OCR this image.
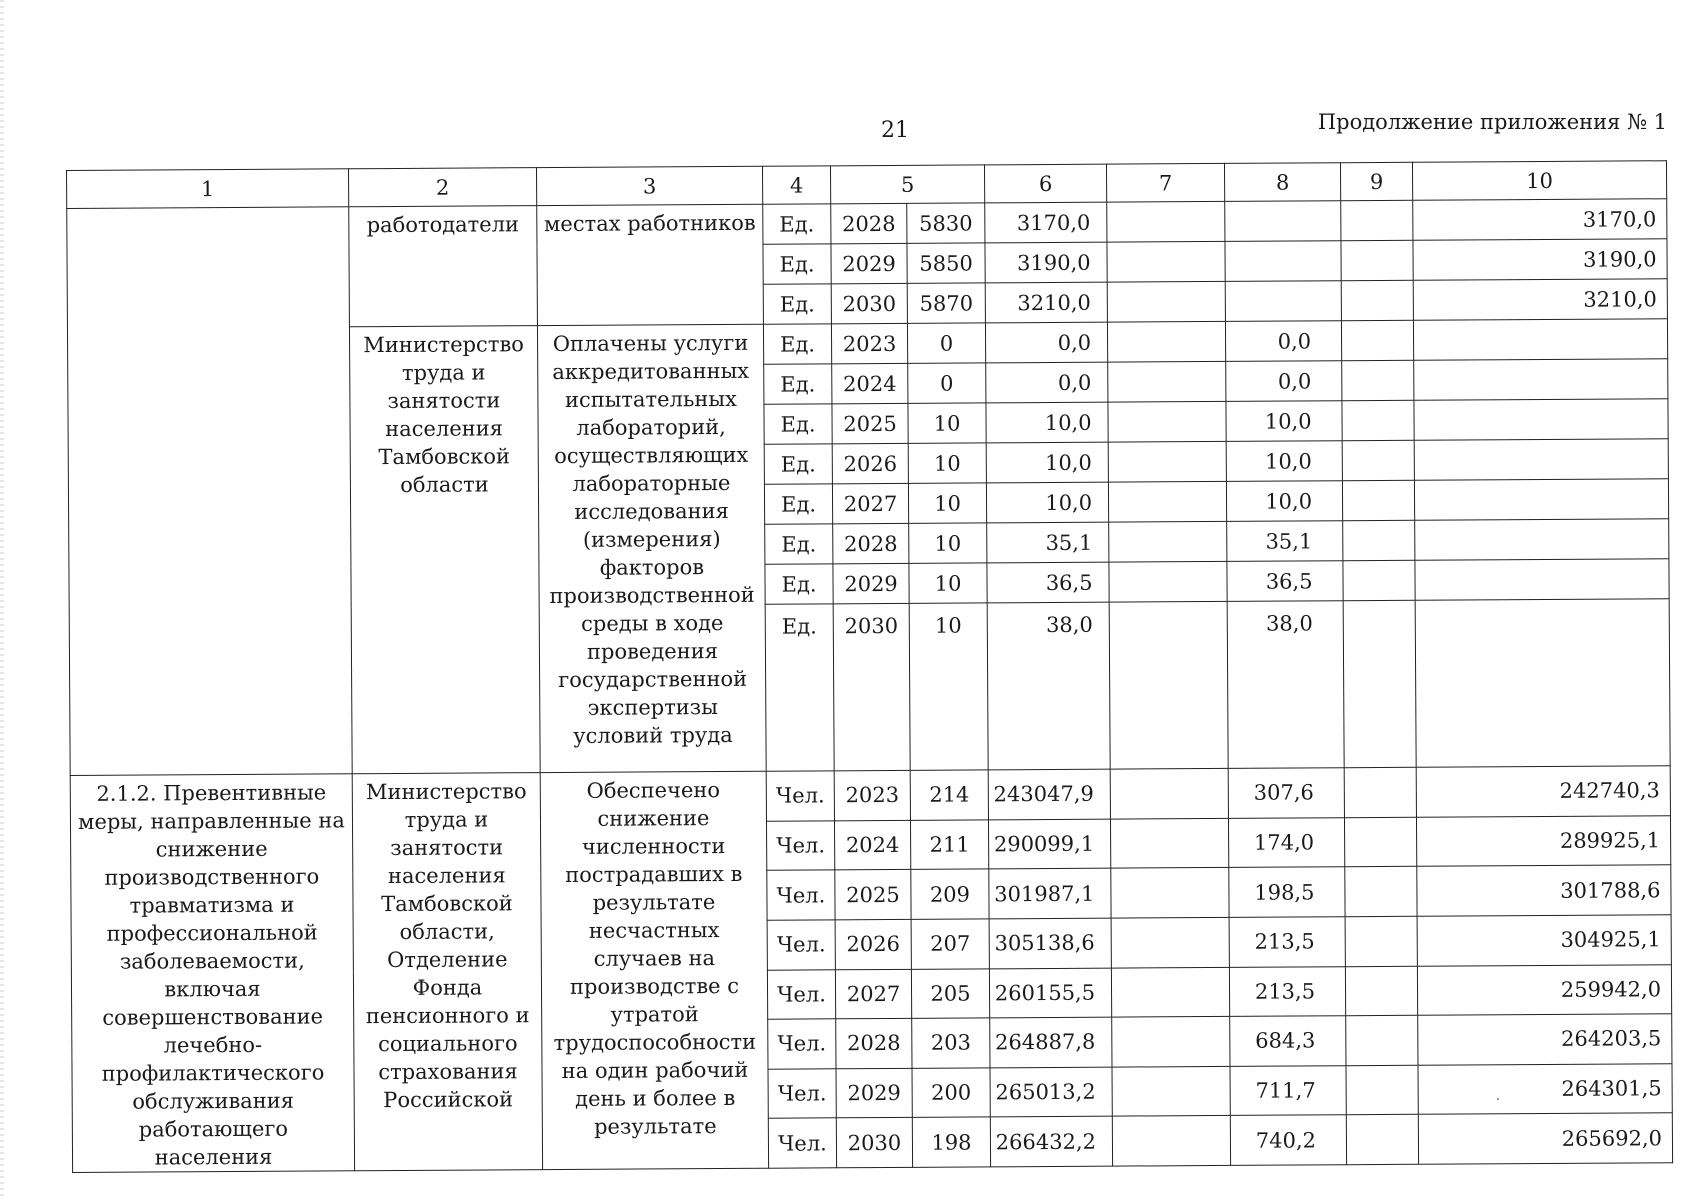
21	Продолжение приложения № 1
1	2	3	4	5		6	7	8	9	10
	работодатели	местах работников	Ед.	2028	5830	3170,0				3170,0
			Ед.	2029	5850	3190,0				3190,0
			Ед.	2030	5870	3210,0				3210,0
	Министерство труда и занятости населения Тамбовской области	Оплачены услуги аккредитованных испытательных лабораторий, осуществляющих лабораторные исследования (измерения) факторов производственной среды в ходе проведения государственной экспертизы условий труда	Ед.	2023	0	0,0		0,0		
			Ед.	2024	0	0,0		0,0		
			Ед.	2025	10	10,0		10,0		
			Ед.	2026	10	10,0		10,0		
			Ед.	2027	10	10,0		10,0		
			Ед.	2028	10	35,1		35,1		
			Ед.	2029	10	36,5		36,5		
			Ед.	2030	10	38,0		38,0		
2.1.2. Превентивные меры, направленные на снижение производственного травматизма и профессиональной заболеваемости, включая совершенствование лечебно-профилактического обслуживания работающего населения	Министерство труда и занятости населения Тамбовской области, Отделение Фонда пенсионного и социального страхования Российской	Обеспечено снижение численности пострадавших в результате несчастных случаев на производстве с утратой трудоспособности на один рабочий день и более в результате	Чел.	2023	214	243047,9		307,6		242740,3
			Чел.	2024	211	290099,1		174,0		289925,1
			Чел.	2025	209	301987,1		198,5		301788,6
			Чел.	2026	207	305138,6		213,5		304925,1
			Чел.	2027	205	260155,5		213,5		259942,0
			Чел.	2028	203	264887,8		684,3		264203,5
			Чел.	2029	200	265013,2		711,7		264301,5
			Чел.	2030	198	266432,2		740,2		265692,0
